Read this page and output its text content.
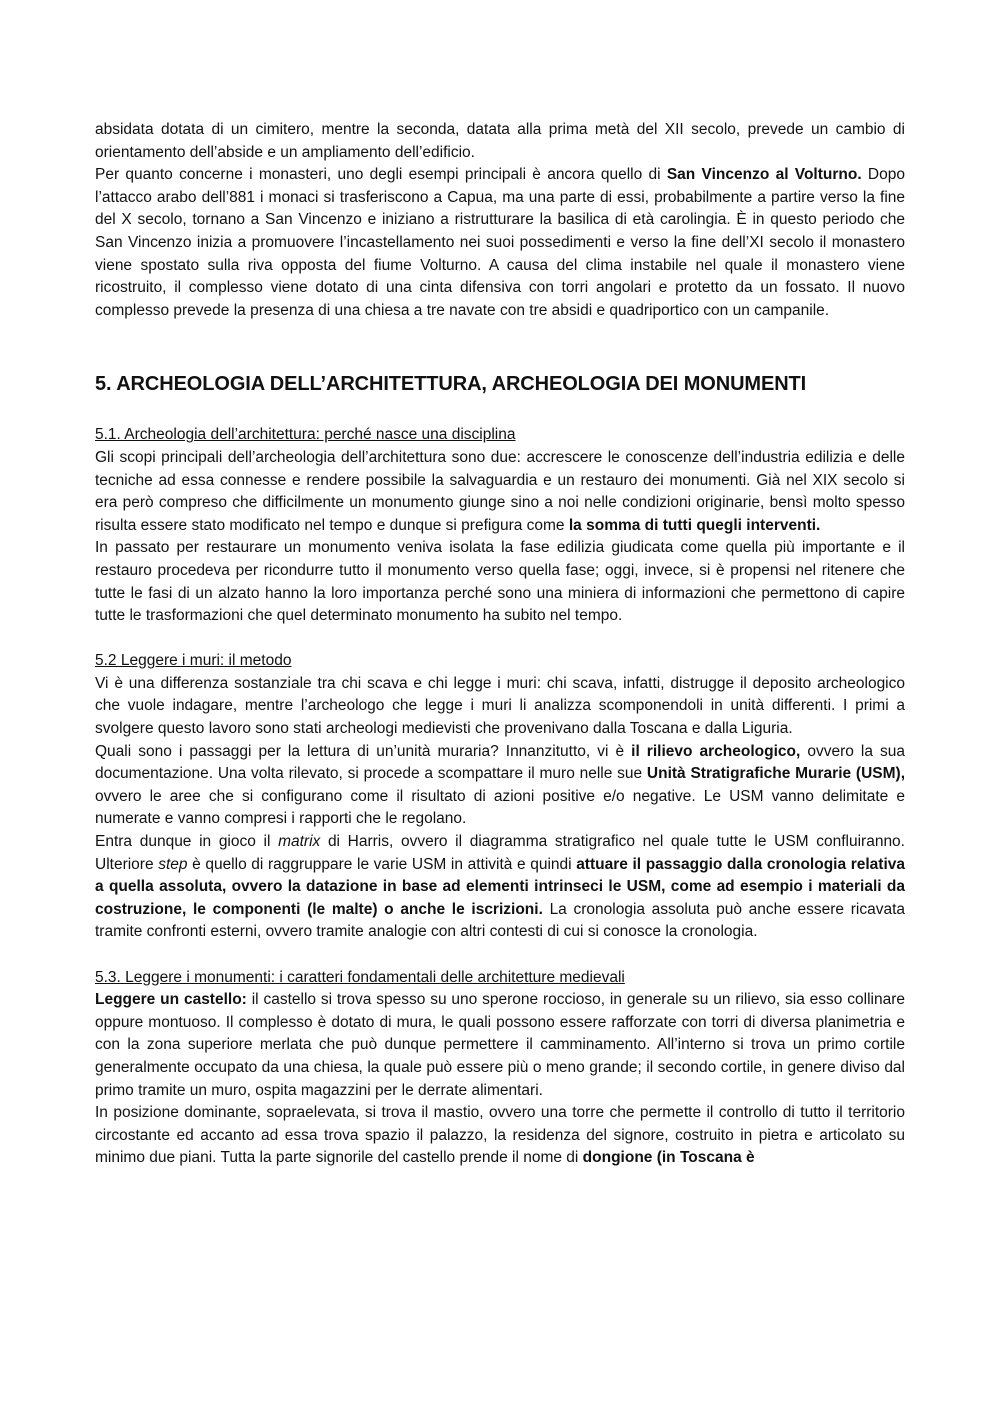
absidata dotata di un cimitero, mentre la seconda, datata alla prima metà del XII secolo, prevede un cambio di orientamento dell’abside e un ampliamento dell’edificio.

Per quanto concerne i monasteri, uno degli esempi principali è ancora quello di San Vincenzo al Volturno. Dopo l’attacco arabo dell’881 i monaci si trasferiscono a Capua, ma una parte di essi, probabilmente a partire verso la fine del X secolo, tornano a San Vincenzo e iniziano a ristrutturare la basilica di età carolingia. È in questo periodo che San Vincenzo inizia a promuovere l’incastellamento nei suoi possedimenti e verso la fine dell’XI secolo il monastero viene spostato sulla riva opposta del fiume Volturno. A causa del clima instabile nel quale il monastero viene ricostruito, il complesso viene dotato di una cinta difensiva con torri angolari e protetto da un fossato. Il nuovo complesso prevede la presenza di una chiesa a tre navate con tre absidi e quadriportico con un campanile.

5. ARCHEOLOGIA DELL’ARCHITETTURA, ARCHEOLOGIA DEI MONUMENTI

5.1. Archeologia dell’architettura: perché nasce una disciplina

Gli scopi principali dell’archeologia dell’architettura sono due: accrescere le conoscenze dell’industria edilizia e delle tecniche ad essa connesse e rendere possibile la salvaguardia e un restauro dei monumenti. Già nel XIX secolo si era però compreso che difficilmente un monumento giunge sino a noi nelle condizioni originarie, bensì molto spesso risulta essere stato modificato nel tempo e dunque si prefigura come la somma di tutti quegli interventi.

In passato per restaurare un monumento veniva isolata la fase edilizia giudicata come quella più importante e il restauro procedeva per ricondurre tutto il monumento verso quella fase; oggi, invece, si è propensi nel ritenere che tutte le fasi di un alzato hanno la loro importanza perché sono una miniera di informazioni che permettono di capire tutte le trasformazioni che quel determinato monumento ha subito nel tempo.

5.2 Leggere i muri: il metodo

Vi è una differenza sostanziale tra chi scava e chi legge i muri: chi scava, infatti, distrugge il deposito archeologico che vuole indagare, mentre l’archeologo che legge i muri li analizza scomponendoli in unità differenti. I primi a svolgere questo lavoro sono stati archeologi medievisti che provenivano dalla Toscana e dalla Liguria.

Quali sono i passaggi per la lettura di un’unità muraria? Innanzitutto, vi è il rilievo archeologico, ovvero la sua documentazione. Una volta rilevato, si procede a scompattare il muro nelle sue Unità Stratigrafiche Murarie (USM), ovvero le aree che si configurano come il risultato di azioni positive e/o negative. Le USM vanno delimitate e numerate e vanno compresi i rapporti che le regolano.

Entra dunque in gioco il matrix di Harris, ovvero il diagramma stratigrafico nel quale tutte le USM confluiranno. Ulteriore step è quello di raggruppare le varie USM in attività e quindi attuare il passaggio dalla cronologia relativa a quella assoluta, ovvero la datazione in base ad elementi intrinseci le USM, come ad esempio i materiali da costruzione, le componenti (le malte) o anche le iscrizioni. La cronologia assoluta può anche essere ricavata tramite confronti esterni, ovvero tramite analogie con altri contesti di cui si conosce la cronologia.

5.3. Leggere i monumenti: i caratteri fondamentali delle architetture medievali

Leggere un castello: il castello si trova spesso su uno sperone roccioso, in generale su un rilievo, sia esso collinare oppure montuoso. Il complesso è dotato di mura, le quali possono essere rafforzate con torri di diversa planimetria e con la zona superiore merlata che può dunque permettere il camminamento. All’interno si trova un primo cortile generalmente occupato da una chiesa, la quale può essere più o meno grande; il secondo cortile, in genere diviso dal primo tramite un muro, ospita magazzini per le derrate alimentari.

In posizione dominante, sopraelevata, si trova il mastio, ovvero una torre che permette il controllo di tutto il territorio circostante ed accanto ad essa trova spazio il palazzo, la residenza del signore, costruito in pietra e articolato su minimo due piani. Tutta la parte signorile del castello prende il nome di dongione (in Toscana è
